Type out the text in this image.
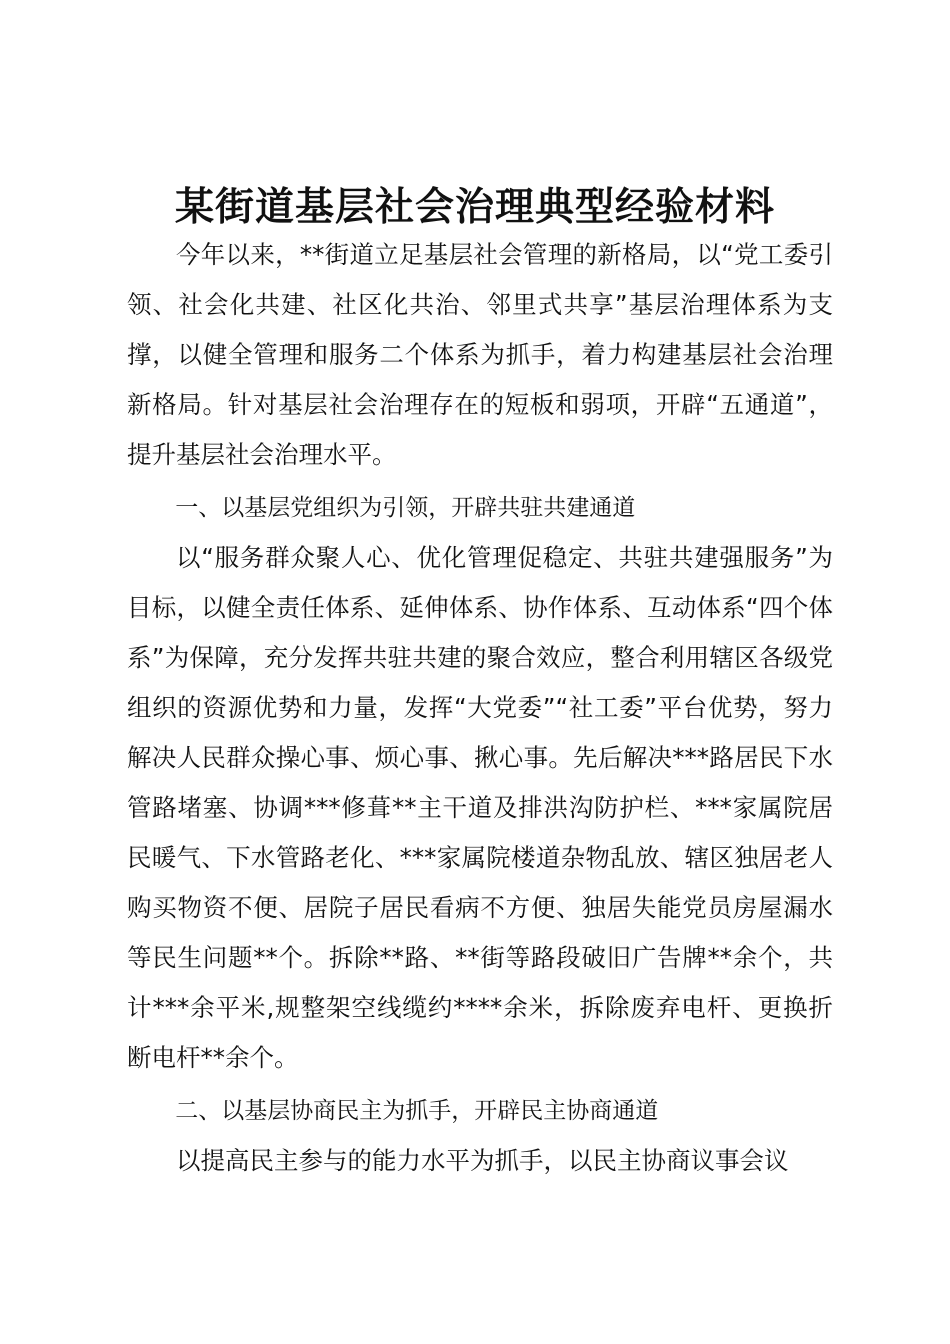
某街道基层社会治理典型经验材料

今年以来，**街道立足基层社会管理的新格局，以“党工委引领、社会化共建、社区化共治、邻里式共享”基层治理体系为支撑，以健全管理和服务二个体系为抓手，着力构建基层社会治理新格局。针对基层社会治理存在的短板和弱项，开辟“五通道”，提升基层社会治理水平。

一、以基层党组织为引领，开辟共驻共建通道

以“服务群众聚人心、优化管理促稳定、共驻共建强服务”为目标，以健全责任体系、延伸体系、协作体系、互动体系“四个体系”为保障，充分发挥共驻共建的聚合效应，整合利用辖区各级党组织的资源优势和力量，发挥“大党委”“社工委”平台优势，努力解决人民群众操心事、烦心事、揪心事。先后解决***路居民下水管路堵塞、协调***修葺**主干道及排洪沟防护栏、***家属院居民暖气、下水管路老化、***家属院楼道杂物乱放、辖区独居老人购买物资不便、居院子居民看病不方便、独居失能党员房屋漏水等民生问题**个。拆除**路、**街等路段破旧广告牌**余个，共计***余平米,规整架空线缆约****余米，拆除废弃电杆、更换折断电杆**余个。

二、以基层协商民主为抓手，开辟民主协商通道

以提高民主参与的能力水平为抓手，以民主协商议事会议
